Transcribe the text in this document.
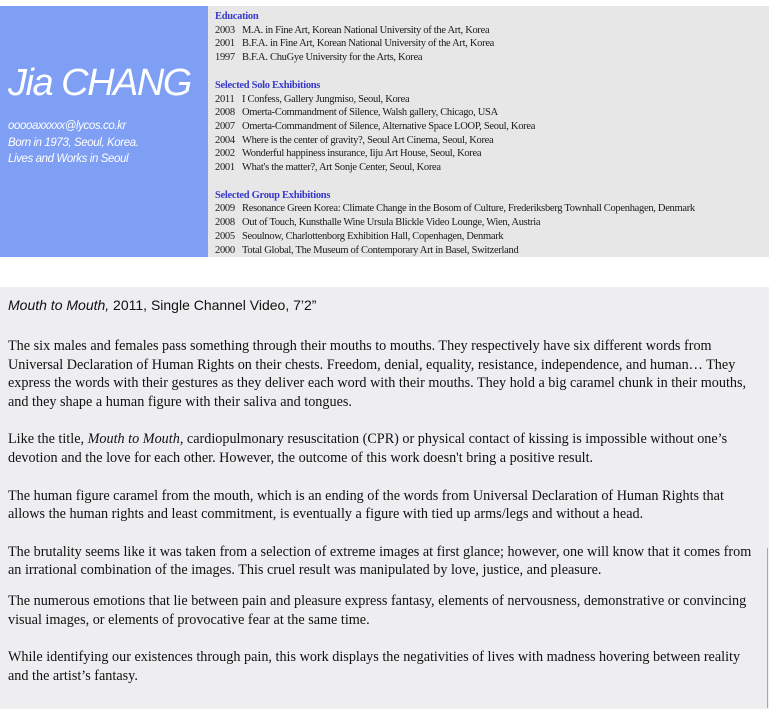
Jia CHANG
ooooaxxxxx@lycos.co.kr
Born in 1973, Seoul, Korea.
Lives and Works in Seoul
Education
2003 M.A. in Fine Art, Korean National University of the Art, Korea
2001 B.F.A. in Fine Art, Korean National University of the Art, Korea
1997 B.F.A. ChuGye University for the Arts, Korea
Selected Solo Exhibitions
2011 I Confess, Gallery Jungmiso, Seoul, Korea
2008 Omerta-Commandment of Silence, Walsh gallery, Chicago, USA
2007 Omerta-Commandment of Silence, Alternative Space LOOP, Seoul, Korea
2004 Where is the center of gravity?, Seoul Art Cinema, Seoul, Korea
2002 Wonderful happiness insurance, Iiju Art House, Seoul, Korea
2001 What's the matter?, Art Sonje Center, Seoul, Korea
Selected Group Exhibitions
2009 Resonance Green Korea: Climate Change in the Bosom of Culture, Frederiksberg Townhall Copenhagen, Denmark
2008 Out of Touch, Kunsthalle Wine Ursula Blickle Video Lounge, Wien, Austria
2005 Seoulnow, Charlottenborg Exhibition Hall, Copenhagen, Denmark
2000 Total Global, The Museum of Contemporary Art in Basel, Switzerland
Mouth to Mouth, 2011, Single Channel Video, 7’2”

The six males and females pass something through their mouths to mouths. They respectively have six different words from Universal Declaration of Human Rights on their chests. Freedom, denial, equality, resistance, independence, and human… They express the words with their gestures as they deliver each word with their mouths. They hold a big caramel chunk in their mouths, and they shape a human figure with their saliva and tongues.

Like the title, Mouth to Mouth, cardiopulmonary resuscitation (CPR) or physical contact of kissing is impossible without one’s devotion and the love for each other. However, the outcome of this work doesn't bring a positive result.

The human figure caramel from the mouth, which is an ending of the words from Universal Declaration of Human Rights that allows the human rights and least commitment, is eventually a figure with tied up arms/legs and without a head.

The brutality seems like it was taken from a selection of extreme images at first glance; however, one will know that it comes from an irrational combination of the images. This cruel result was manipulated by love, justice, and pleasure.

The numerous emotions that lie between pain and pleasure express fantasy, elements of nervousness, demonstrative or convincing visual images, or elements of provocative fear at the same time.

While identifying our existences through pain, this work displays the negativities of lives with madness hovering between reality and the artist’s fantasy.
